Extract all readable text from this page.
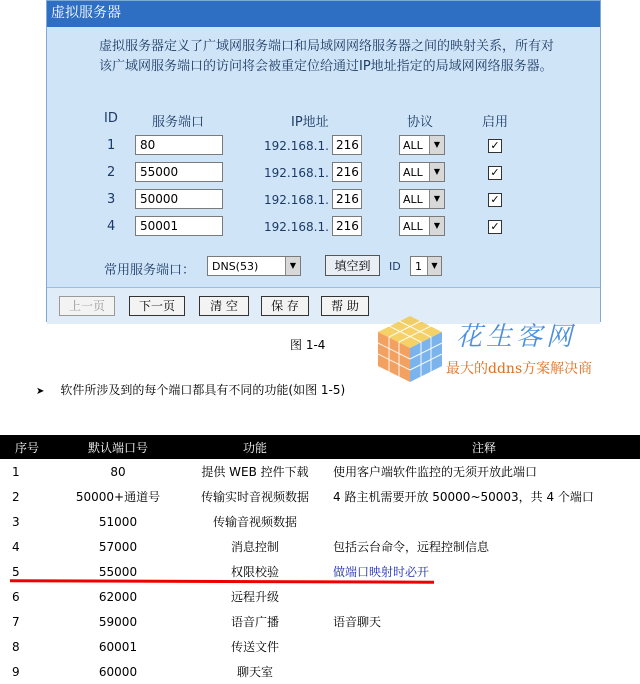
虚拟服务器
虚拟服务器定义了广域网服务端口和局域网网络服务器之间的映射关系，所有对该广域网服务端口的访问将会被重定位给通过IP地址指定的局域网网络服务器。
ID	服务端口	IP地址	协议	启用
1	80	192.168.1. 216	ALL	▼	✓
2	55000	192.168.1. 216	ALL	▼	✓
3	50000	192.168.1. 216	ALL	▼	✓
4	50001	192.168.1. 216	ALL	▼	✓
常用服务端口： DNS(53)	▼	填空到	ID 1	▼
上一页	下一页	清 空	保 存	帮 助
图 1-4	花生客网
最大的ddns方案解决商
➤ 软件所涉及到的每个端口都具有不同的功能(如图 1-5)
序号	默认端口号	功能	注释
1	80	提供 WEB 控件下载	使用客户端软件监控的无须开放此端口
2	50000+通道号	传输实时音视频数据	4 路主机需要开放 50000~50003，共 4 个端口
3	51000	传输音视频数据	
4	57000	消息控制	包括云台命令，远程控制信息
5	55000	权限校验	做端口映射时必开
6	62000	远程升级	
7	59000	语音广播	语音聊天
8	60001	传送文件	
9	60000	聊天室	
